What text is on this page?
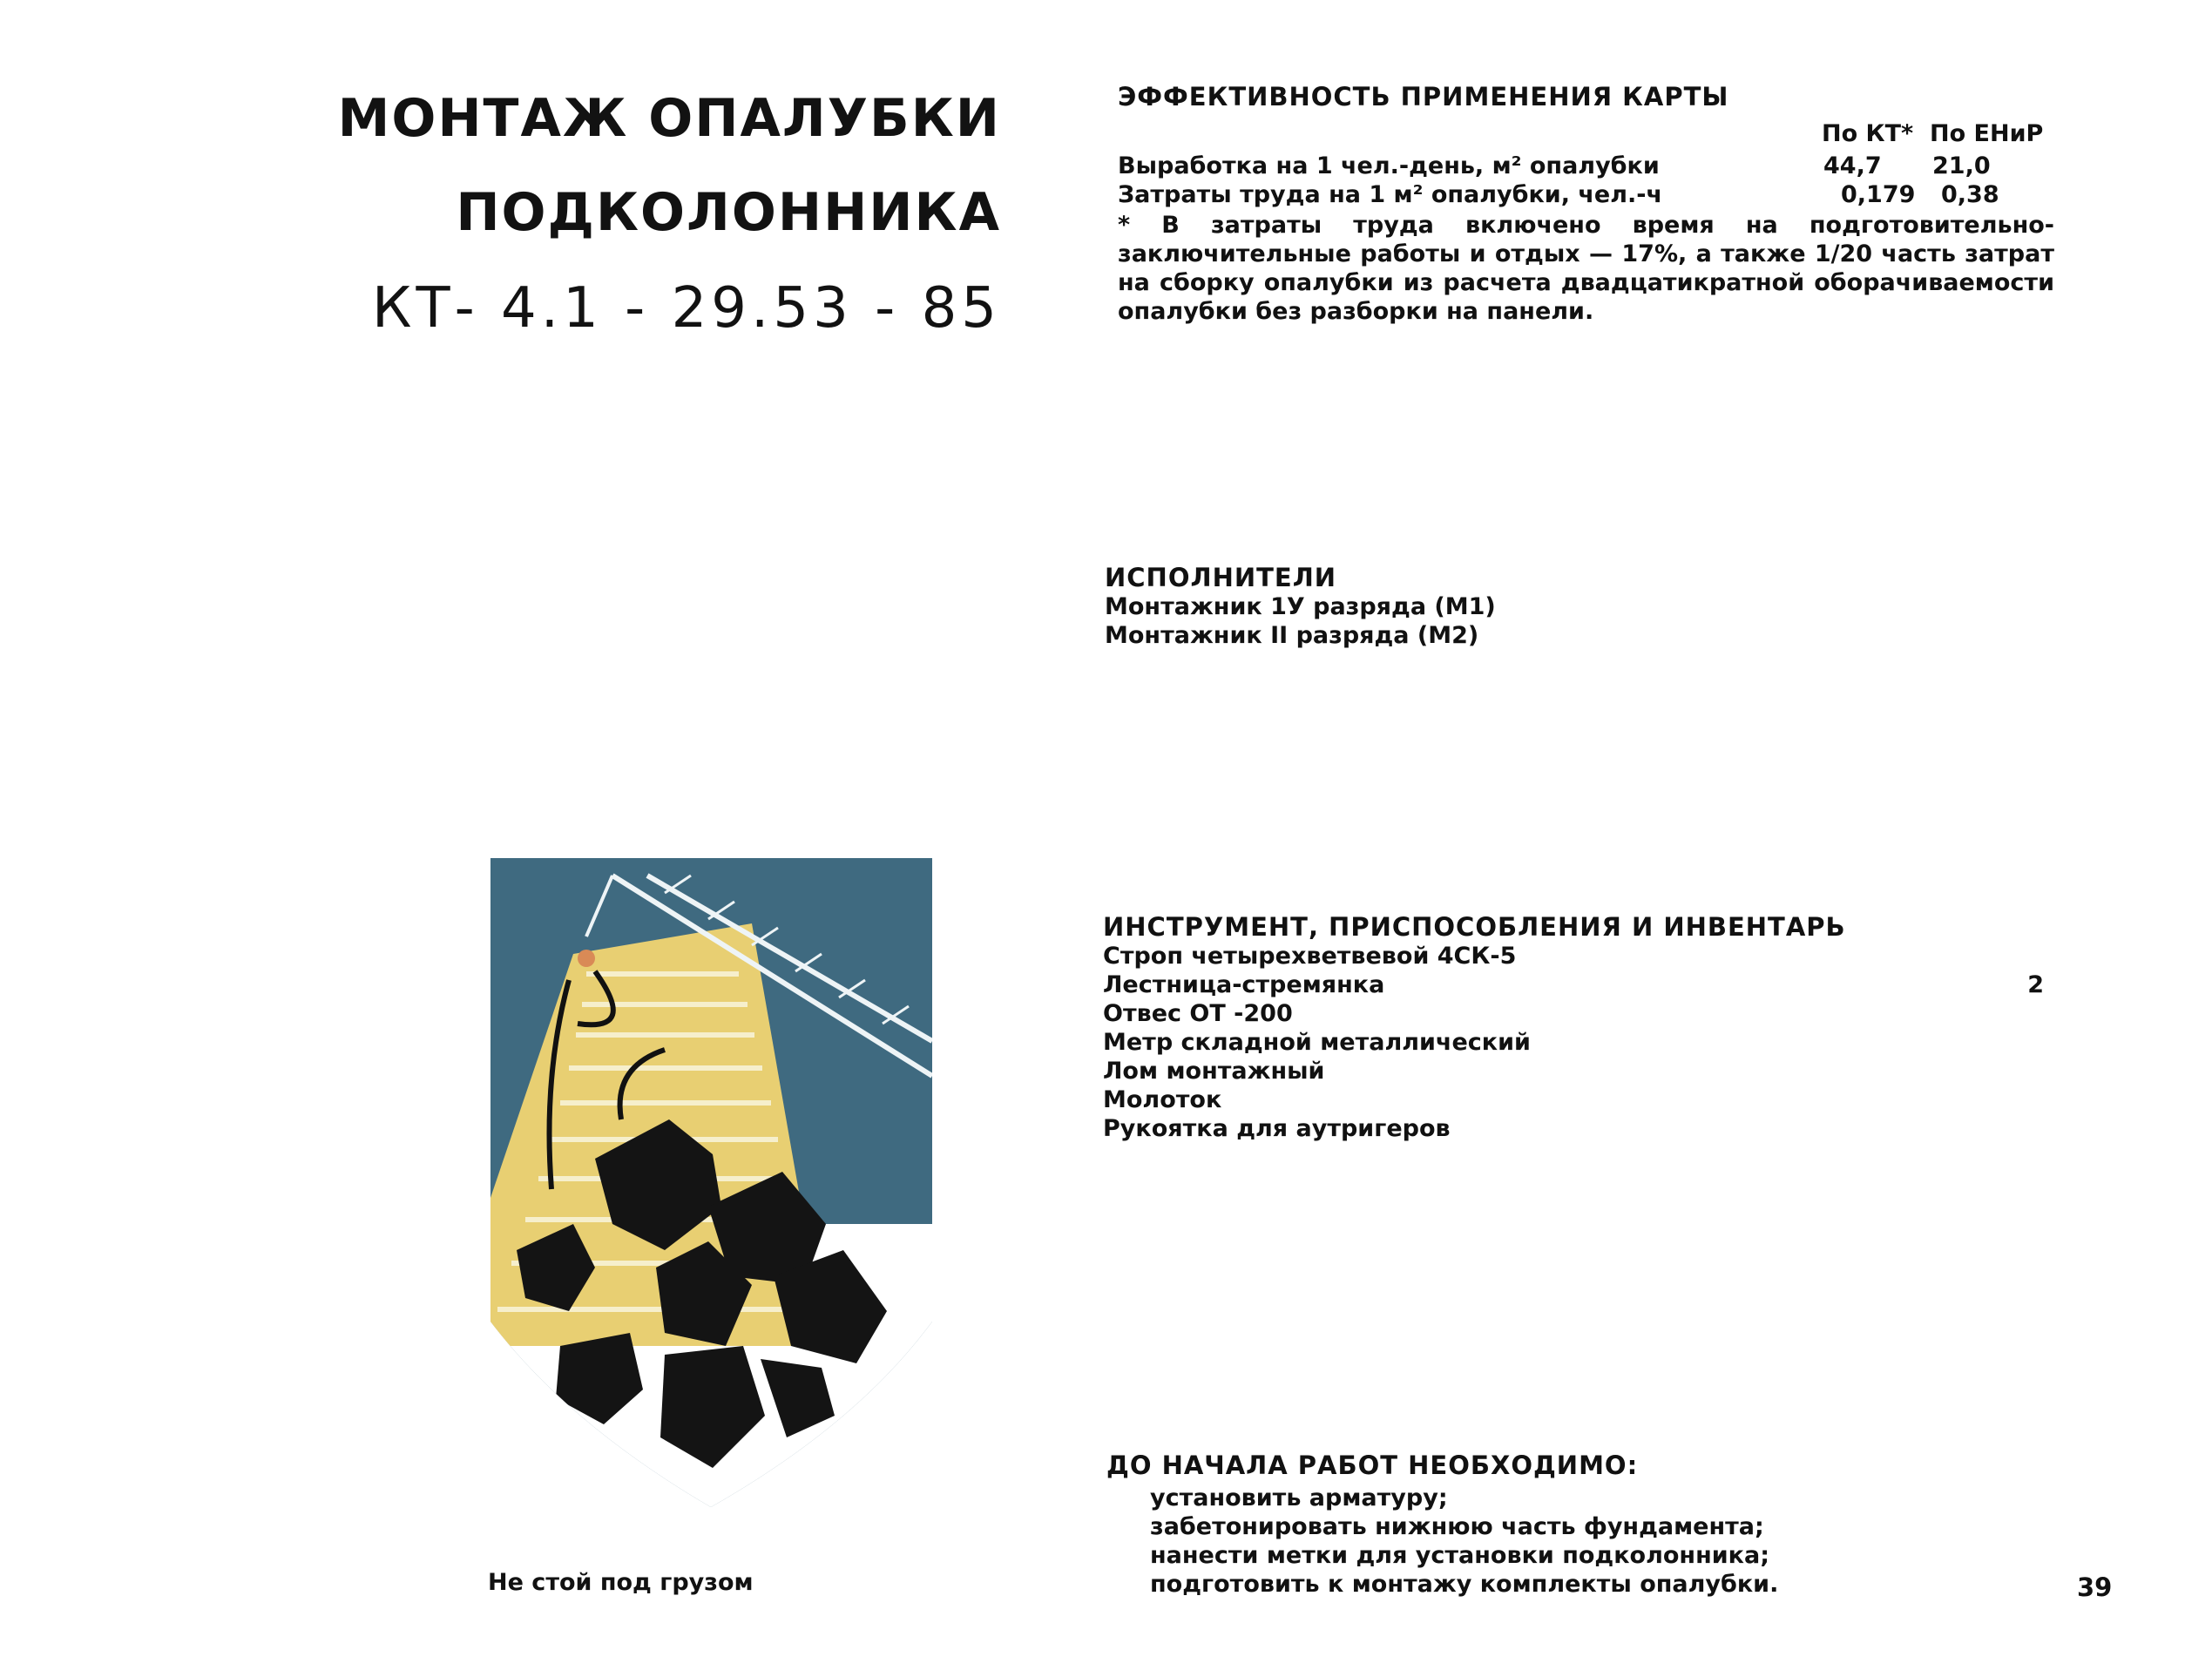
МОНТАЖ ОПАЛУБКИ
ПОДКОЛОННИКА
КТ- 4.1 - 29.53 - 85
ЭФФЕКТИВНОСТЬ ПРИМЕНЕНИЯ КАРТЫ
По КТ* По ЕНиР
Выработка на 1 чел.-день, м² опалубки	44,7 21,0
Затраты труда на 1 м² опалубки, чел.-ч	0,179 0,38
* В затраты труда включено время на подготовительно-заключительные работы и отдых — 17%, а также 1/20 часть затрат на сборку опалубки из расчета двадцатикратной оборачиваемости опалубки без разборки на панели.
ИСПОЛНИТЕЛИ
Монтажник 1У разряда (М1)
Монтажник II разряда (М2)
ИНСТРУМЕНТ, ПРИСПОСОБЛЕНИЯ И ИНВЕНТАРЬ
Строп четырехветвевой 4СК-5
Лестница-стремянка	2
Отвес ОТ -200
Метр складной металлический
Лом монтажный
Молоток
Рукоятка для аутригеров
ДО НАЧАЛА РАБОТ НЕОБХОДИМО:
установить арматуру;
забетонировать нижнюю часть фундамента;
нанести метки для установки подколонника;
подготовить к монтажу комплекты опалубки.
Не стой под грузом	39
